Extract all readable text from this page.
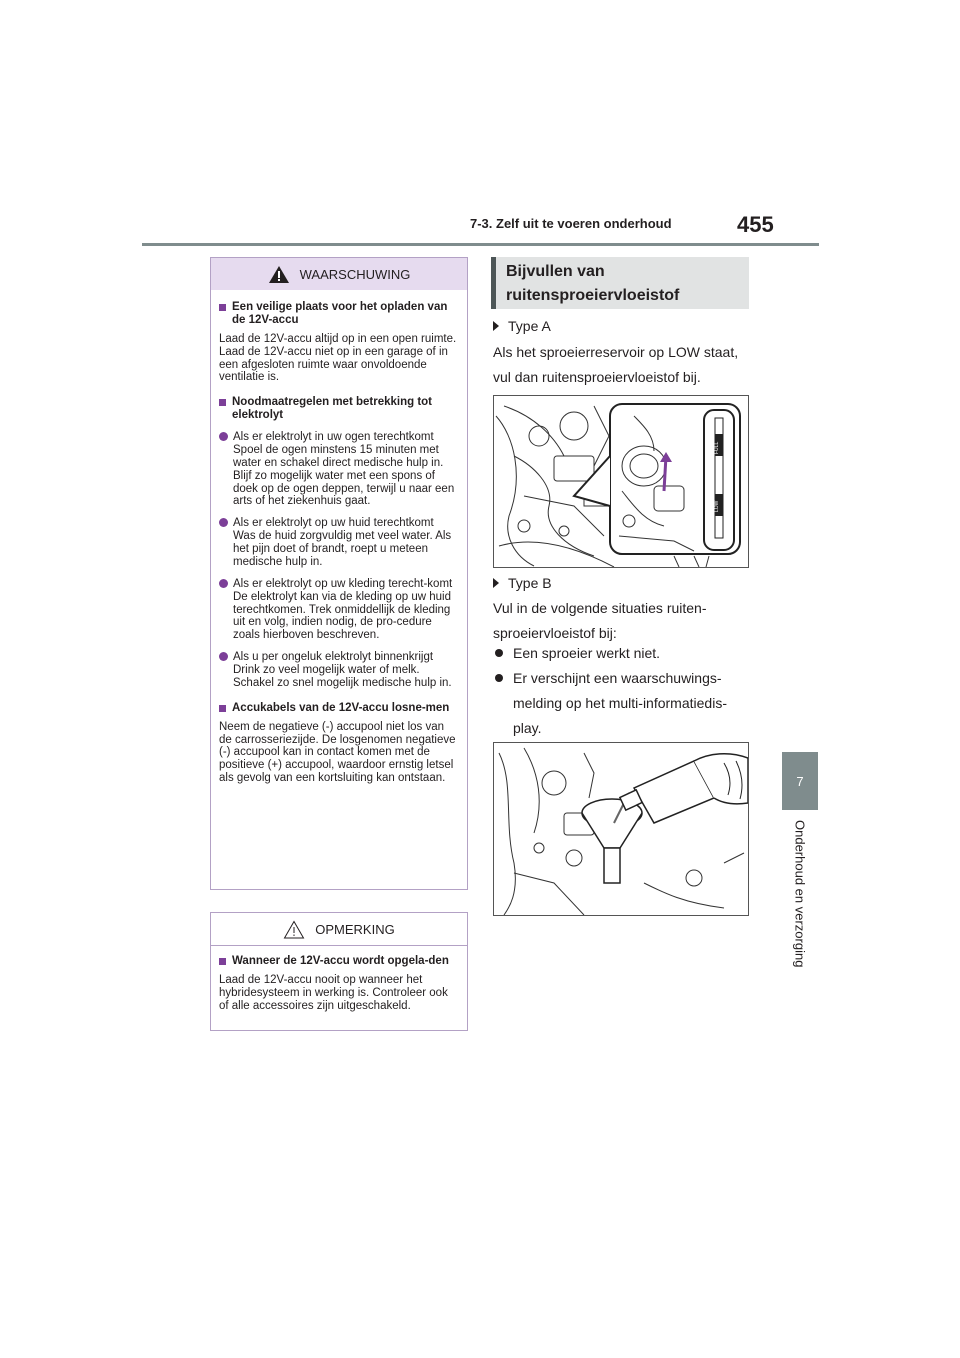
7-3. Zelf uit te voeren onderhoud	455
7
Onderhoud en verzorging
WAARSCHUWING
Een veilige plaats voor het opladen van de 12V-accu

Laad de 12V-accu altijd op in een open ruimte. Laad de 12V-accu niet op in een garage of in een afgesloten ruimte waar onvoldoende ventilatie is.

Noodmaatregelen met betrekking tot elektrolyt
Als er elektrolyt in uw ogen terechtkomt
Spoel de ogen minstens 15 minuten met water en schakel direct medische hulp in. Blijf zo mogelijk water met een spons of doek op de ogen deppen, terwijl u naar een arts of het ziekenhuis gaat.
Als er elektrolyt op uw huid terechtkomt
Was de huid zorgvuldig met veel water. Als het pijn doet of brandt, roept u meteen medische hulp in.
Als er elektrolyt op uw kleding terecht-komt
De elektrolyt kan via de kleding op uw huid terechtkomen. Trek onmiddellijk de kleding uit en volg, indien nodig, de pro-cedure zoals hierboven beschreven.
Als u per ongeluk elektrolyt binnenkrijgt
Drink zo veel mogelijk water of melk. Schakel zo snel mogelijk medische hulp in.
Accukabels van de 12V-accu losne-men

Neem de negatieve (-) accupool niet los van de carrosseriezijde. De losgenomen negatieve (-) accupool kan in contact komen met de positieve (+) accupool, waardoor ernstig letsel als gevolg van een kortsluiting kan ontstaan.

OPMERKING
Wanneer de 12V-accu wordt opgela-den

Laad de 12V-accu nooit op wanneer het hybridesysteem in werking is. Controleer ook of alle accessoires zijn uitgeschakeld.

Bijvullen van ruitensproeiervloeistof
Type A
Als het sproeierreservoir op LOW staat, vul dan ruitensproeiervloeistof bij.
FULL
LOW
Type B
Vul in de volgende situaties ruiten-sproeiervloeistof bij:
Een sproeier werkt niet.
Er verschijnt een waarschuwings-melding op het multi-informatiedis-play.
